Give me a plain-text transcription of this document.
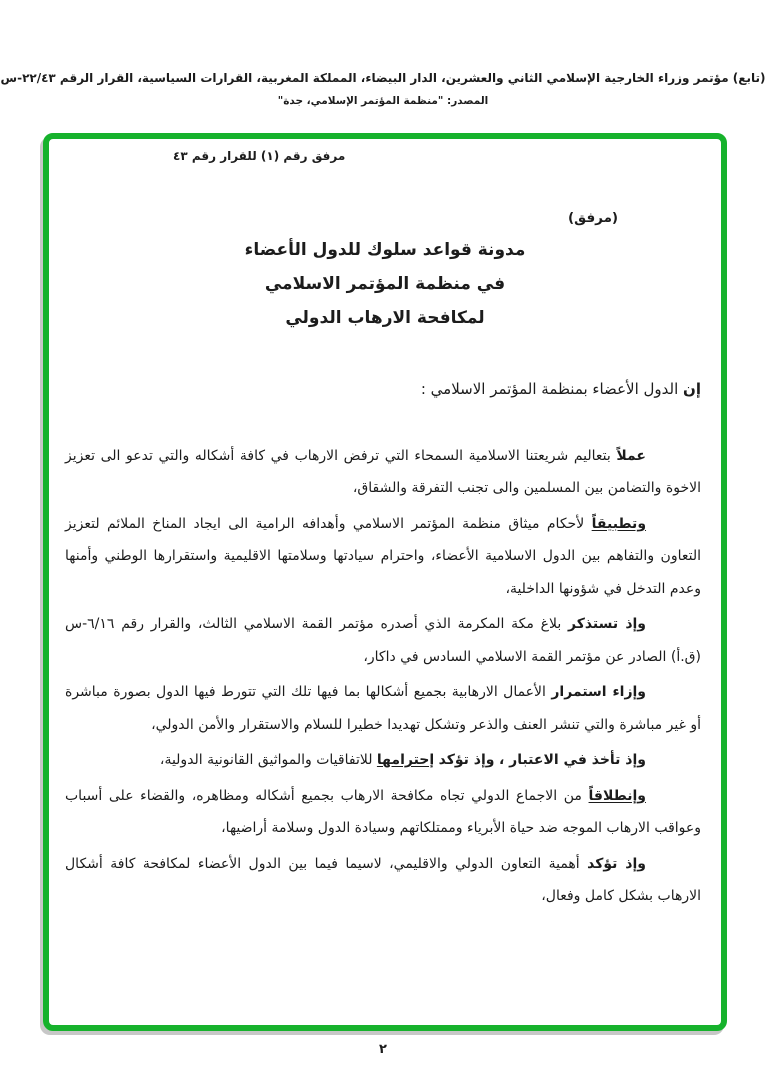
(تابع) مؤتمر وزراء الخارجية الإسلامي الثاني والعشرين، الدار البيضاء، المملكة المغربية، القرارات السياسية، القرار الرقم ٢٢/٤٣-س
المصدر: "منظمة المؤتمر الإسلامي، جدة"
مرفق رقم (١) للقرار رقم ٤٣
(مرفق)
مدونة قواعد سلوك للدول الأعضاء
في منظمة المؤتمر الاسلامي
لمكافحة الارهاب الدولي

إن الدول الأعضاء بمنظمة المؤتمر الاسلامي :

عملاً بتعاليم شريعتنا الاسلامية السمحاء التي ترفض الارهاب في كافة أشكاله والتي تدعو الى تعزيز الاخوة والتضامن بين المسلمين والى تجنب التفرقة والشقاق،

وتطبيقاً لأحكام ميثاق منظمة المؤتمر الاسلامي وأهدافه الرامية الى ايجاد المناخ الملائم لتعزيز التعاون والتفاهم بين الدول الاسلامية الأعضاء، واحترام سيادتها وسلامتها الاقليمية واستقرارها الوطني وأمنها وعدم التدخل في شؤونها الداخلية،

وإذ تستذكر بلاغ مكة المكرمة الذي أصدره مؤتمر القمة الاسلامي الثالث، والقرار رقم ٦/١٦-س (ق.أ) الصادر عن مؤتمر القمة الاسلامي السادس في داكار،

وإزاء استمرار الأعمال الارهابية بجميع أشكالها بما فيها تلك التي تتورط فيها الدول بصورة مباشرة أو غير مباشرة والتي تنشر العنف والذعر وتشكل تهديدا خطيرا للسلام والاستقرار والأمن الدولي،

وإذ تأخذ في الاعتبار ، وإذ تؤكد إحترامها للاتفاقيات والمواثيق القانونية الدولية،

وإنطلاقاً من الاجماع الدولي تجاه مكافحة الارهاب بجميع أشكاله ومظاهره، والقضاء على أسباب وعواقب الارهاب الموجه ضد حياة الأبرياء وممتلكاتهم وسيادة الدول وسلامة أراضيها،

وإذ تؤكد أهمية التعاون الدولي والاقليمي، لاسيما فيما بين الدول الأعضاء لمكافحة كافة أشكال الارهاب بشكل كامل وفعال،

٢
